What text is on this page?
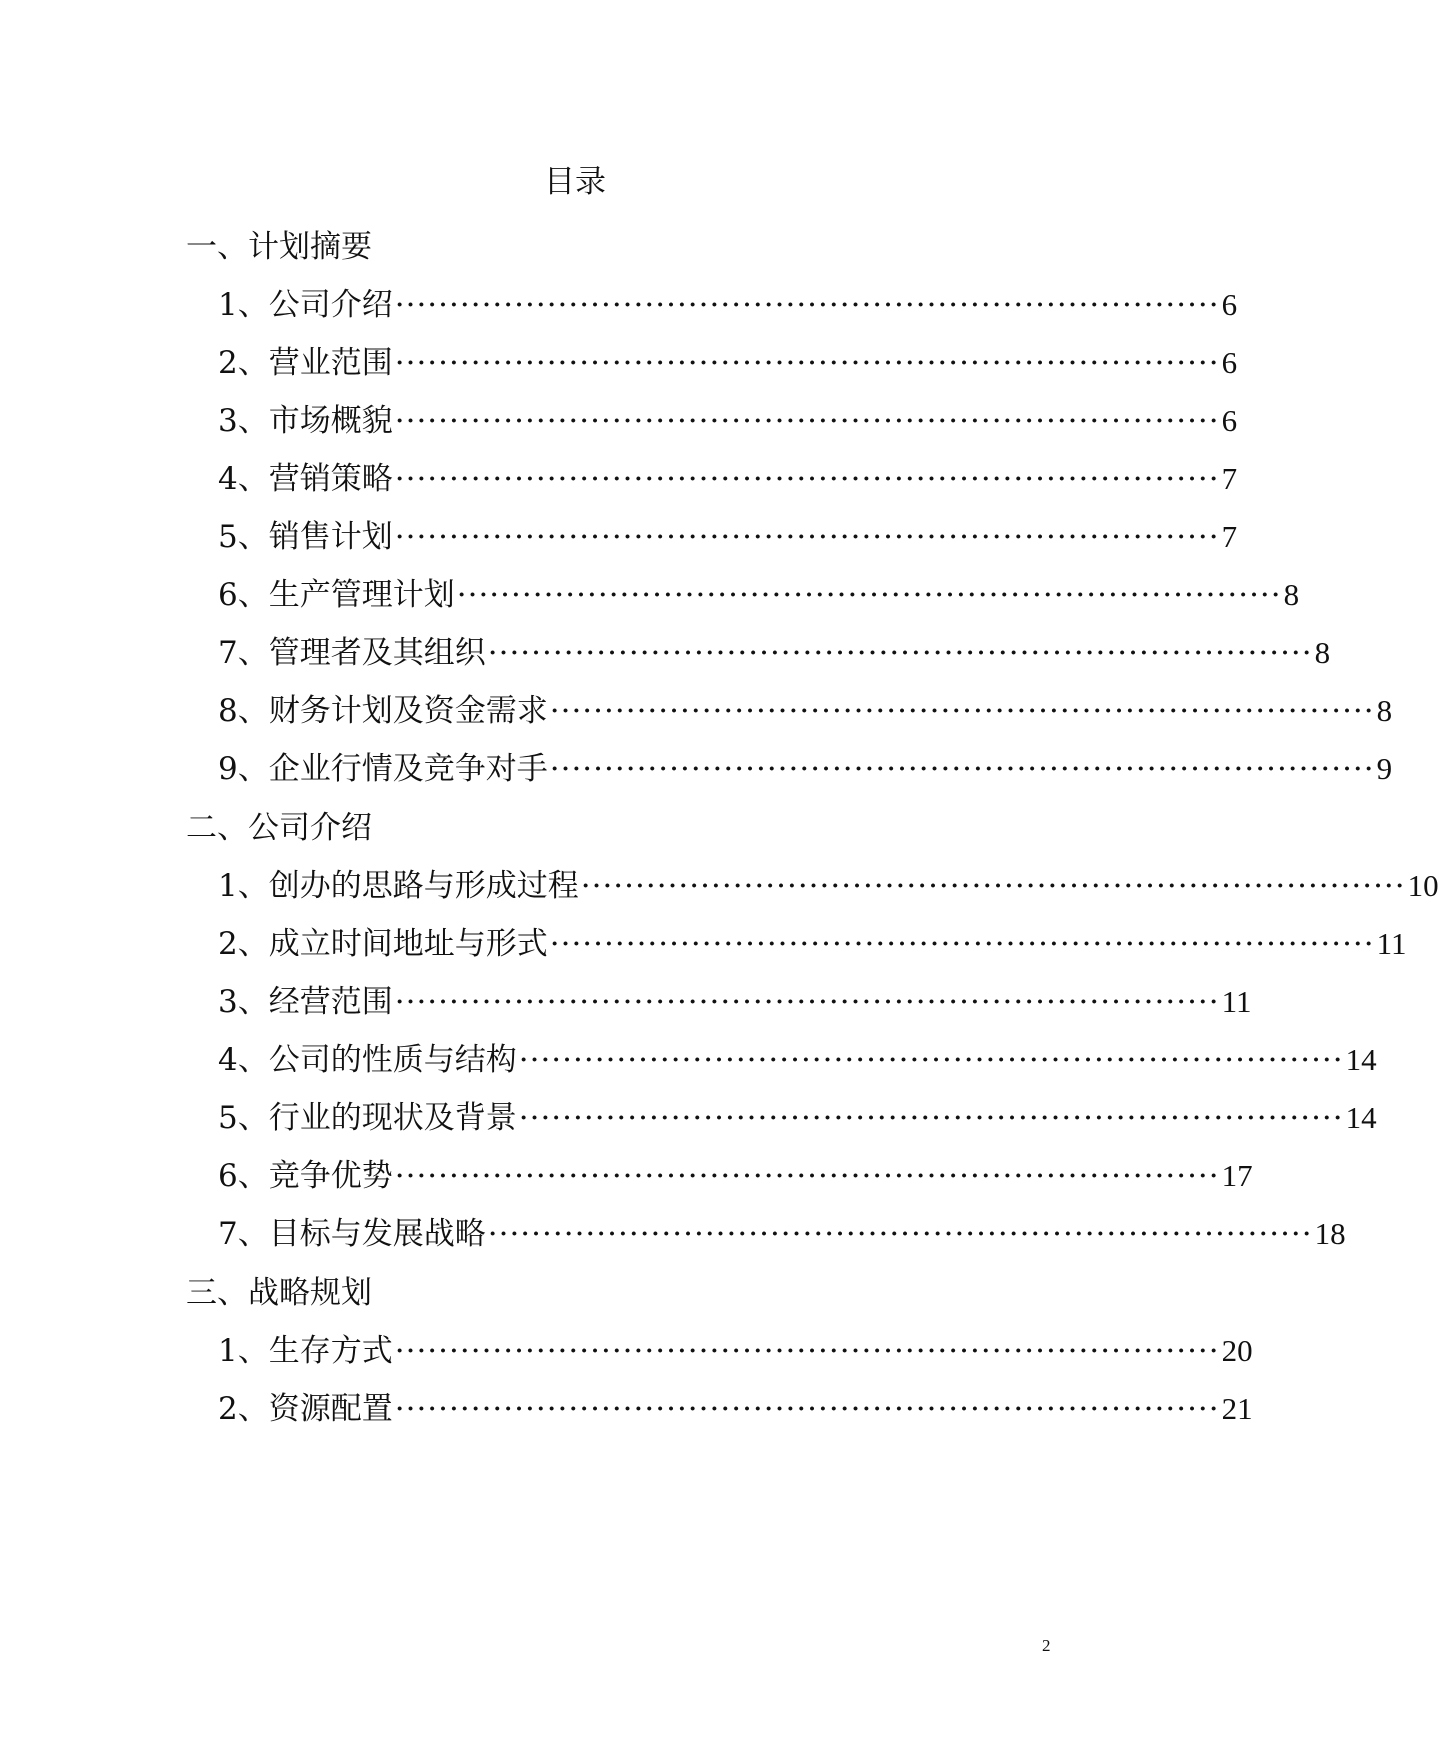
目录
一、计划摘要
1、公司介绍 ············································································ 6
2、营业范围 ············································································ 6
3、市场概貌 ············································································ 6
4、营销策略 ············································································ 7
5、销售计划 ············································································ 7
6、生产管理计划 ············································································ 8
7、管理者及其组织 ············································································ 8
8、财务计划及资金需求 ············································································ 8
9、企业行情及竞争对手 ············································································ 9
二、公司介绍
1、创办的思路与形成过程 ············································································ 10
2、成立时间地址与形式 ············································································ 11
3、经营范围 ············································································ 11
4、公司的性质与结构 ············································································ 14
5、行业的现状及背景 ············································································ 14
6、竞争优势 ············································································ 17
7、目标与发展战略 ············································································ 18
三、战略规划
1、生存方式 ············································································ 20
2、资源配置 ············································································ 21
2
